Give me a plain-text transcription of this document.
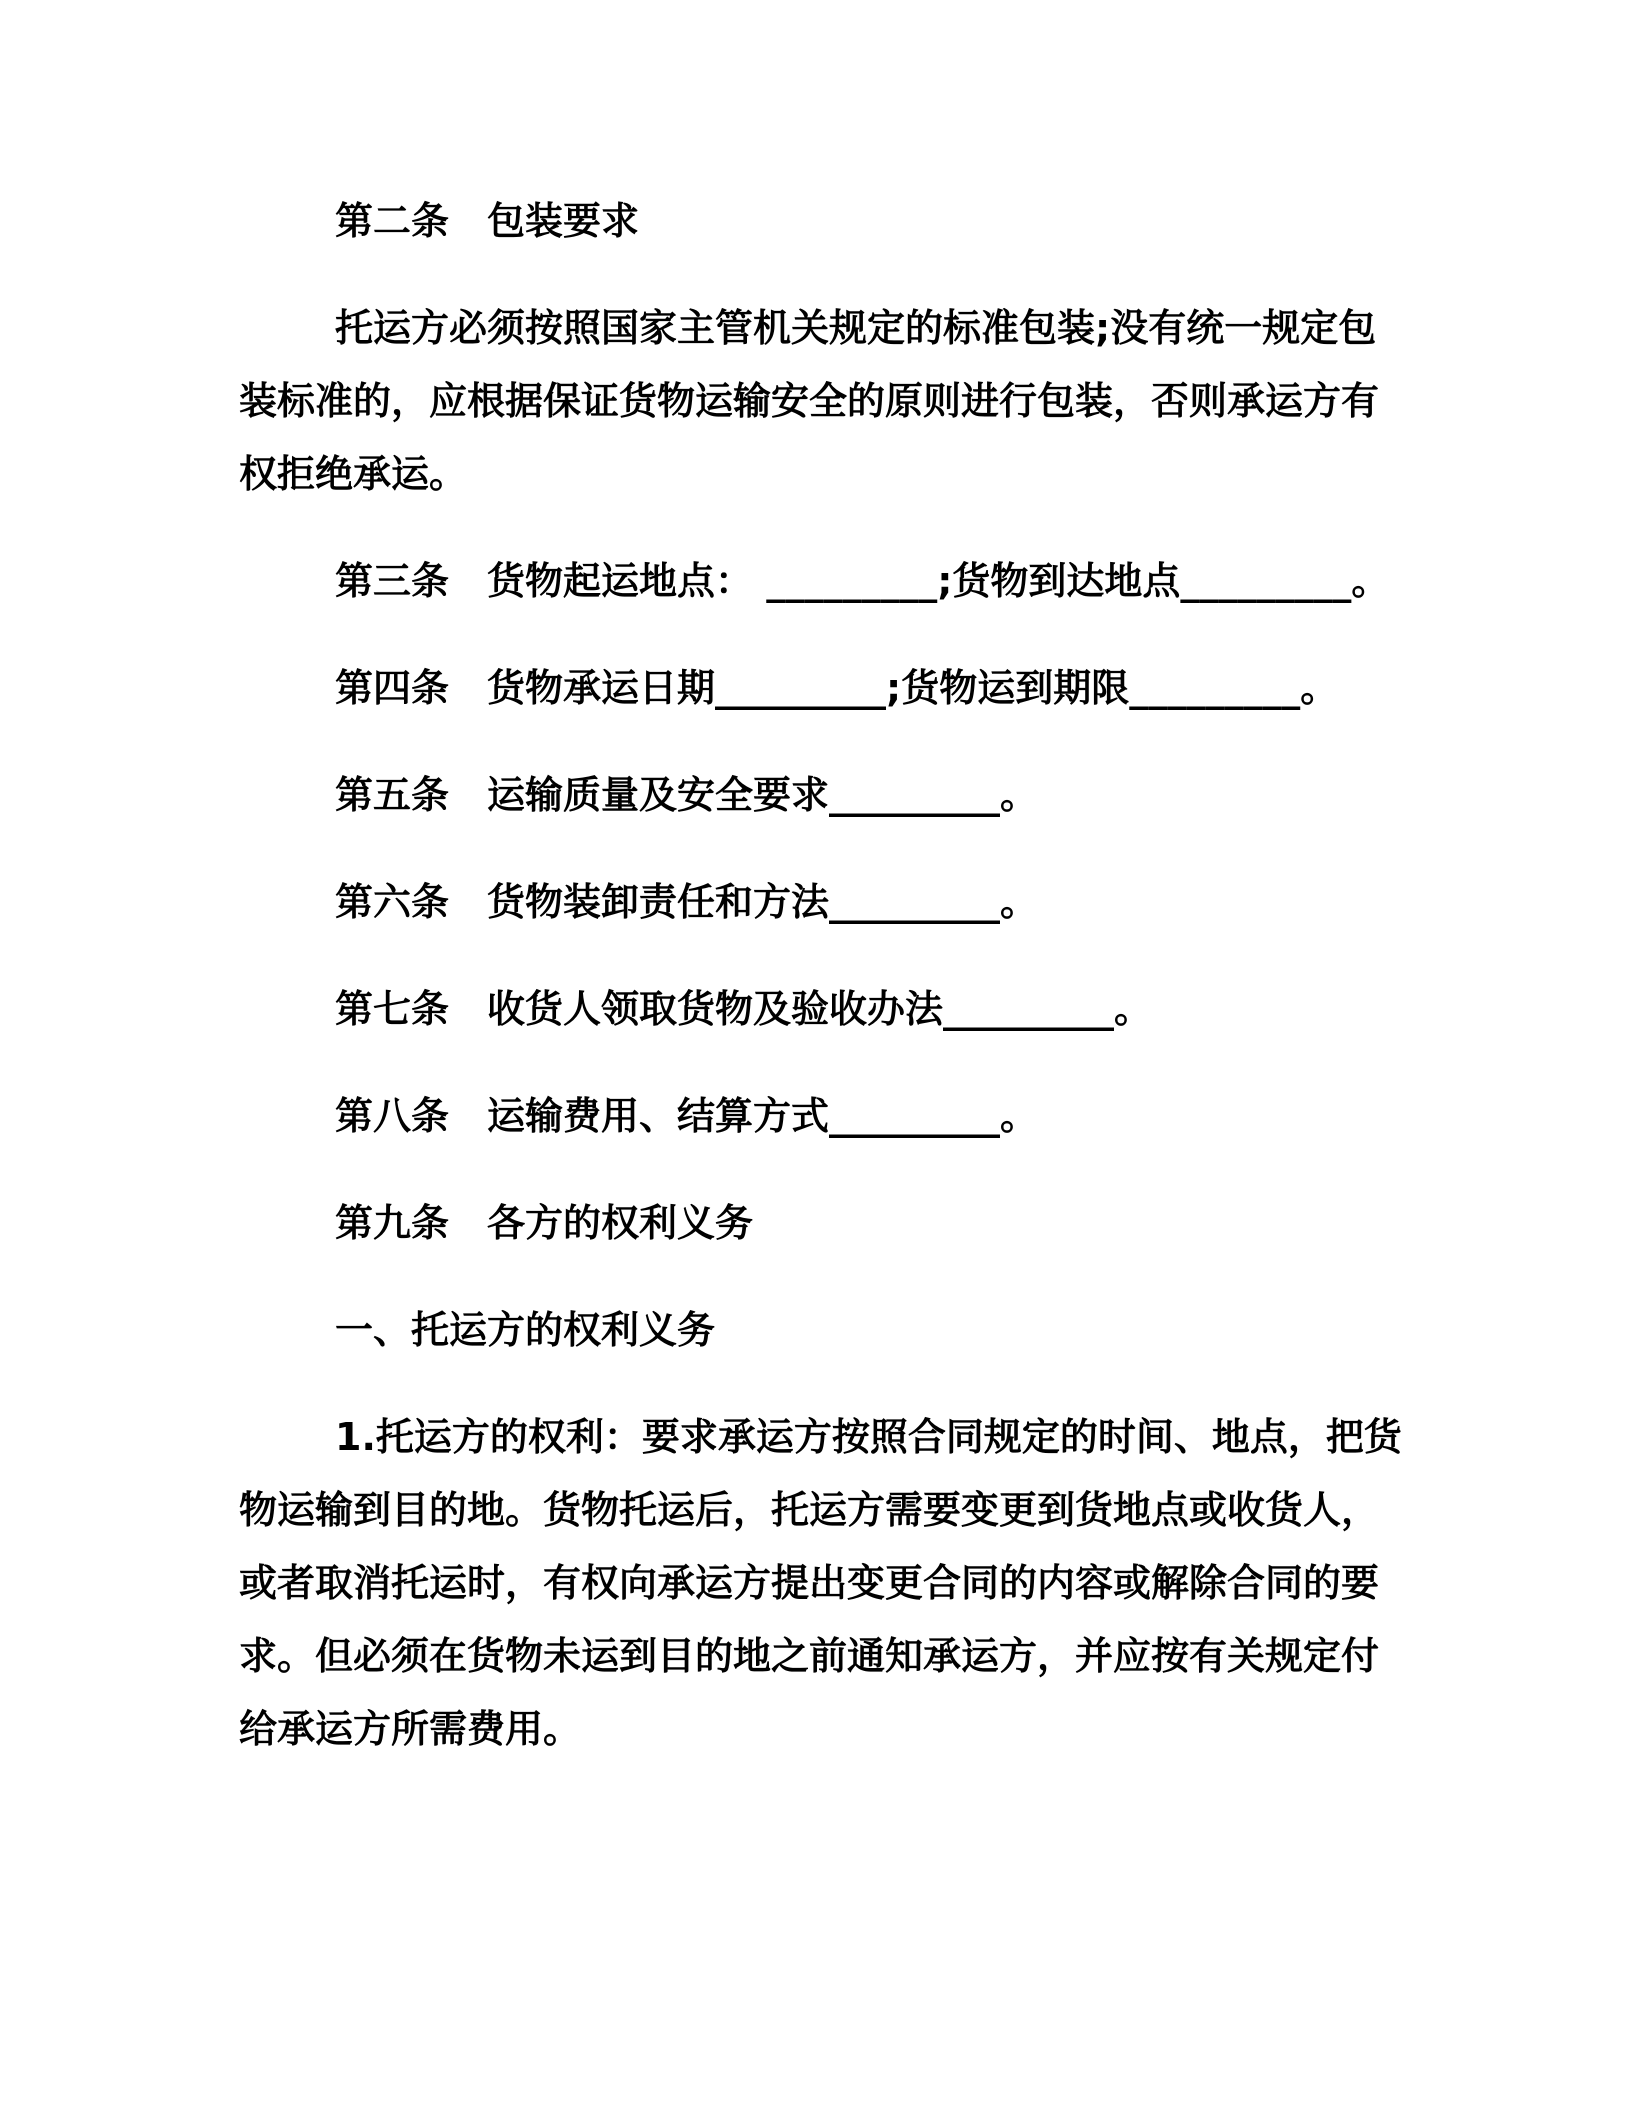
第二条　包装要求
托运方必须按照国家主管机关规定的标准包装;没有统一规定包
装标准的，应根据保证货物运输安全的原则进行包装，否则承运方有
权拒绝承运。
第三条　货物起运地点： _________;货物到达地点_________。
第四条　货物承运日期_________;货物运到期限_________。
第五条　运输质量及安全要求_________。
第六条　货物装卸责任和方法_________。
第七条　收货人领取货物及验收办法_________。
第八条　运输费用、结算方式_________。
第九条　各方的权利义务
一、托运方的权利义务
1.托运方的权利：要求承运方按照合同规定的时间、地点，把货
物运输到目的地。货物托运后，托运方需要变更到货地点或收货人，
或者取消托运时，有权向承运方提出变更合同的内容或解除合同的要
求。但必须在货物未运到目的地之前通知承运方，并应按有关规定付
给承运方所需费用。
